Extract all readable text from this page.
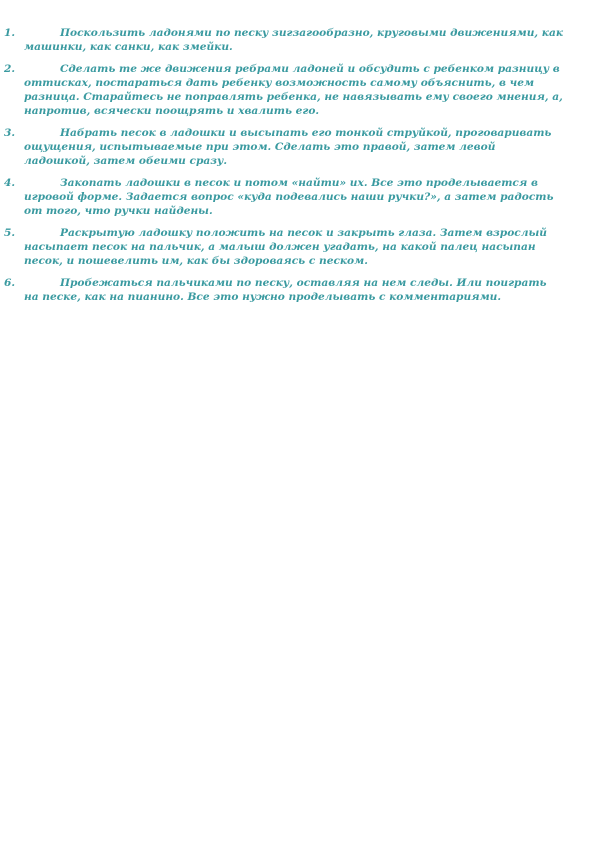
1.	Поскользить ладонями по песку зигзагообразно, круговыми движениями, как машинки, как санки, как змейки.
2.	Сделать те же движения ребрами ладоней и обсудить с ребенком разницу в оттисках, постараться дать ребенку возможность самому объяснить, в чем разница. Старайтесь не поправлять ребенка, не навязывать ему своего мнения, а, напротив, всячески поощрять и хвалить его.
3.	Набрать песок в ладошки и высыпать его тонкой струйкой, проговаривать ощущения, испытываемые при этом. Сделать это правой, затем левой ладошкой, затем обеими сразу.
4.	Закопать ладошки в песок и потом «найти» их. Все это проделывается в игровой форме. Задается вопрос «куда подевались наши ручки?», а затем радость от того, что ручки найдены.
5.	Раскрытую ладошку положить на песок и закрыть глаза. Затем взрослый насыпает песок на пальчик, а малыш должен угадать, на какой палец насыпан песок, и пошевелить им, как бы здороваясь с песком.
6.	Пробежаться пальчиками по песку, оставляя на нем следы. Или поиграть на песке, как на пианино. Все это нужно проделывать с комментариями.
